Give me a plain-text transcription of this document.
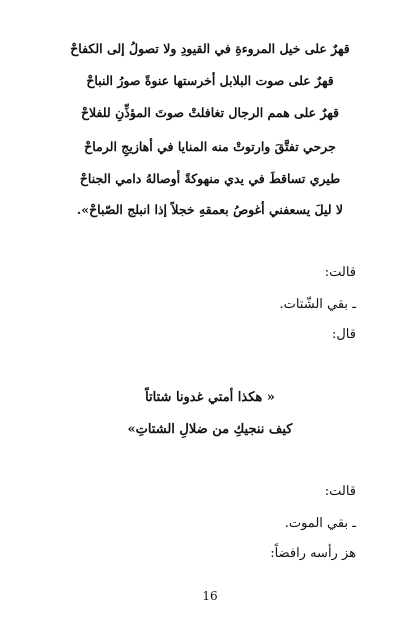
قهرٌ على خيل المروءةِ في القيودِ ولا تصولُ إلى الكفاحْ
قهرٌ على صوت البلابل أخرستها عنوةً صورُ النباحْ
قهرٌ على همم الرجال تغافلتْ صوتَ المؤذِّنِ للفلاحْ
جرحي تفتَّقَ وارتوتْ منه المنايا في أهازيجِ الرماحْ
طيري تساقطَ في يدي منهوكةً أوصالهُ دامي الجناحْ
لا ليلَ يسعفني أغوصُ بعمقهِ خجلاً إذا انبلج الصّباحْ».
قالت:
ـ بقي الشّتات.
قال:
« هكذا أمتي غدونا شتاتاً
كيف ننجيكِ من ضلالِ الشتاتِ»
قالت:
ـ بقي الموت.
هز رأسه رافضاً:
16
